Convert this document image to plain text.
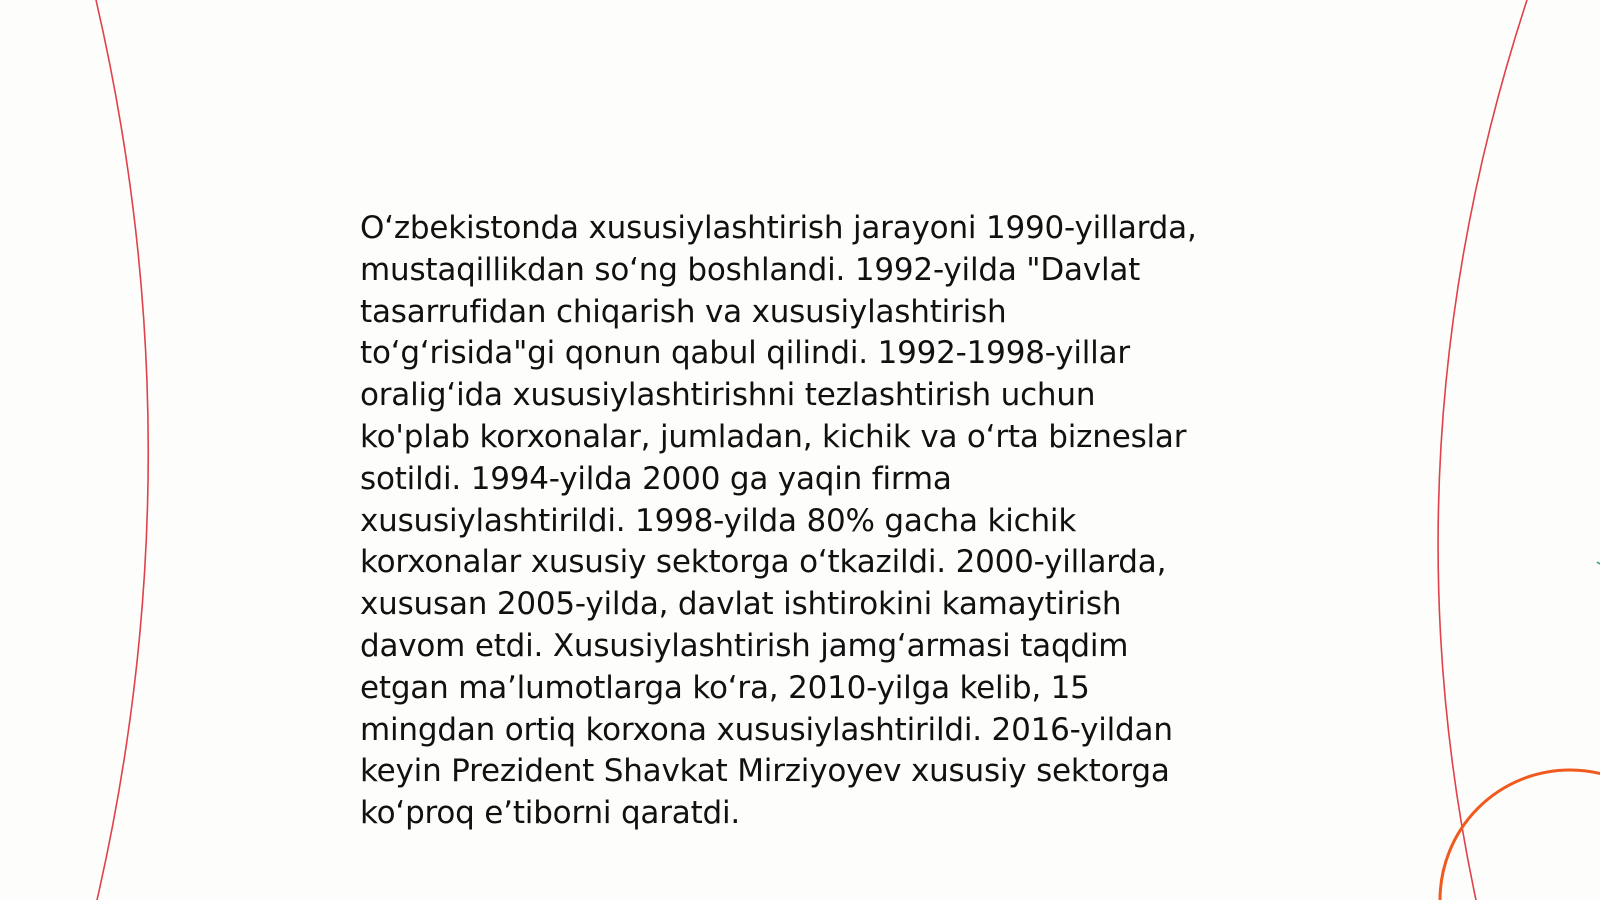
O‘zbekistonda xususiylashtirish jarayoni 1990-yillarda,
mustaqillikdan so‘ng boshlandi. 1992-yilda "Davlat
tasarrufidan chiqarish va xususiylashtirish
to‘g‘risida"gi qonun qabul qilindi. 1992-1998-yillar
oralig‘ida xususiylashtirishni tezlashtirish uchun
ko'plab korxonalar, jumladan, kichik va o‘rta bizneslar
sotildi. 1994-yilda 2000 ga yaqin firma
xususiylashtirildi. 1998-yilda 80% gacha kichik
korxonalar xususiy sektorga o‘tkazildi. 2000-yillarda,
xususan 2005-yilda, davlat ishtirokini kamaytirish
davom etdi. Xususiylashtirish jamg‘armasi taqdim
etgan ma’lumotlarga ko‘ra, 2010-yilga kelib, 15
mingdan ortiq korxona xususiylashtirildi. 2016-yildan
keyin Prezident Shavkat Mirziyoyev xususiy sektorga
ko‘proq e’tiborni qaratdi.
